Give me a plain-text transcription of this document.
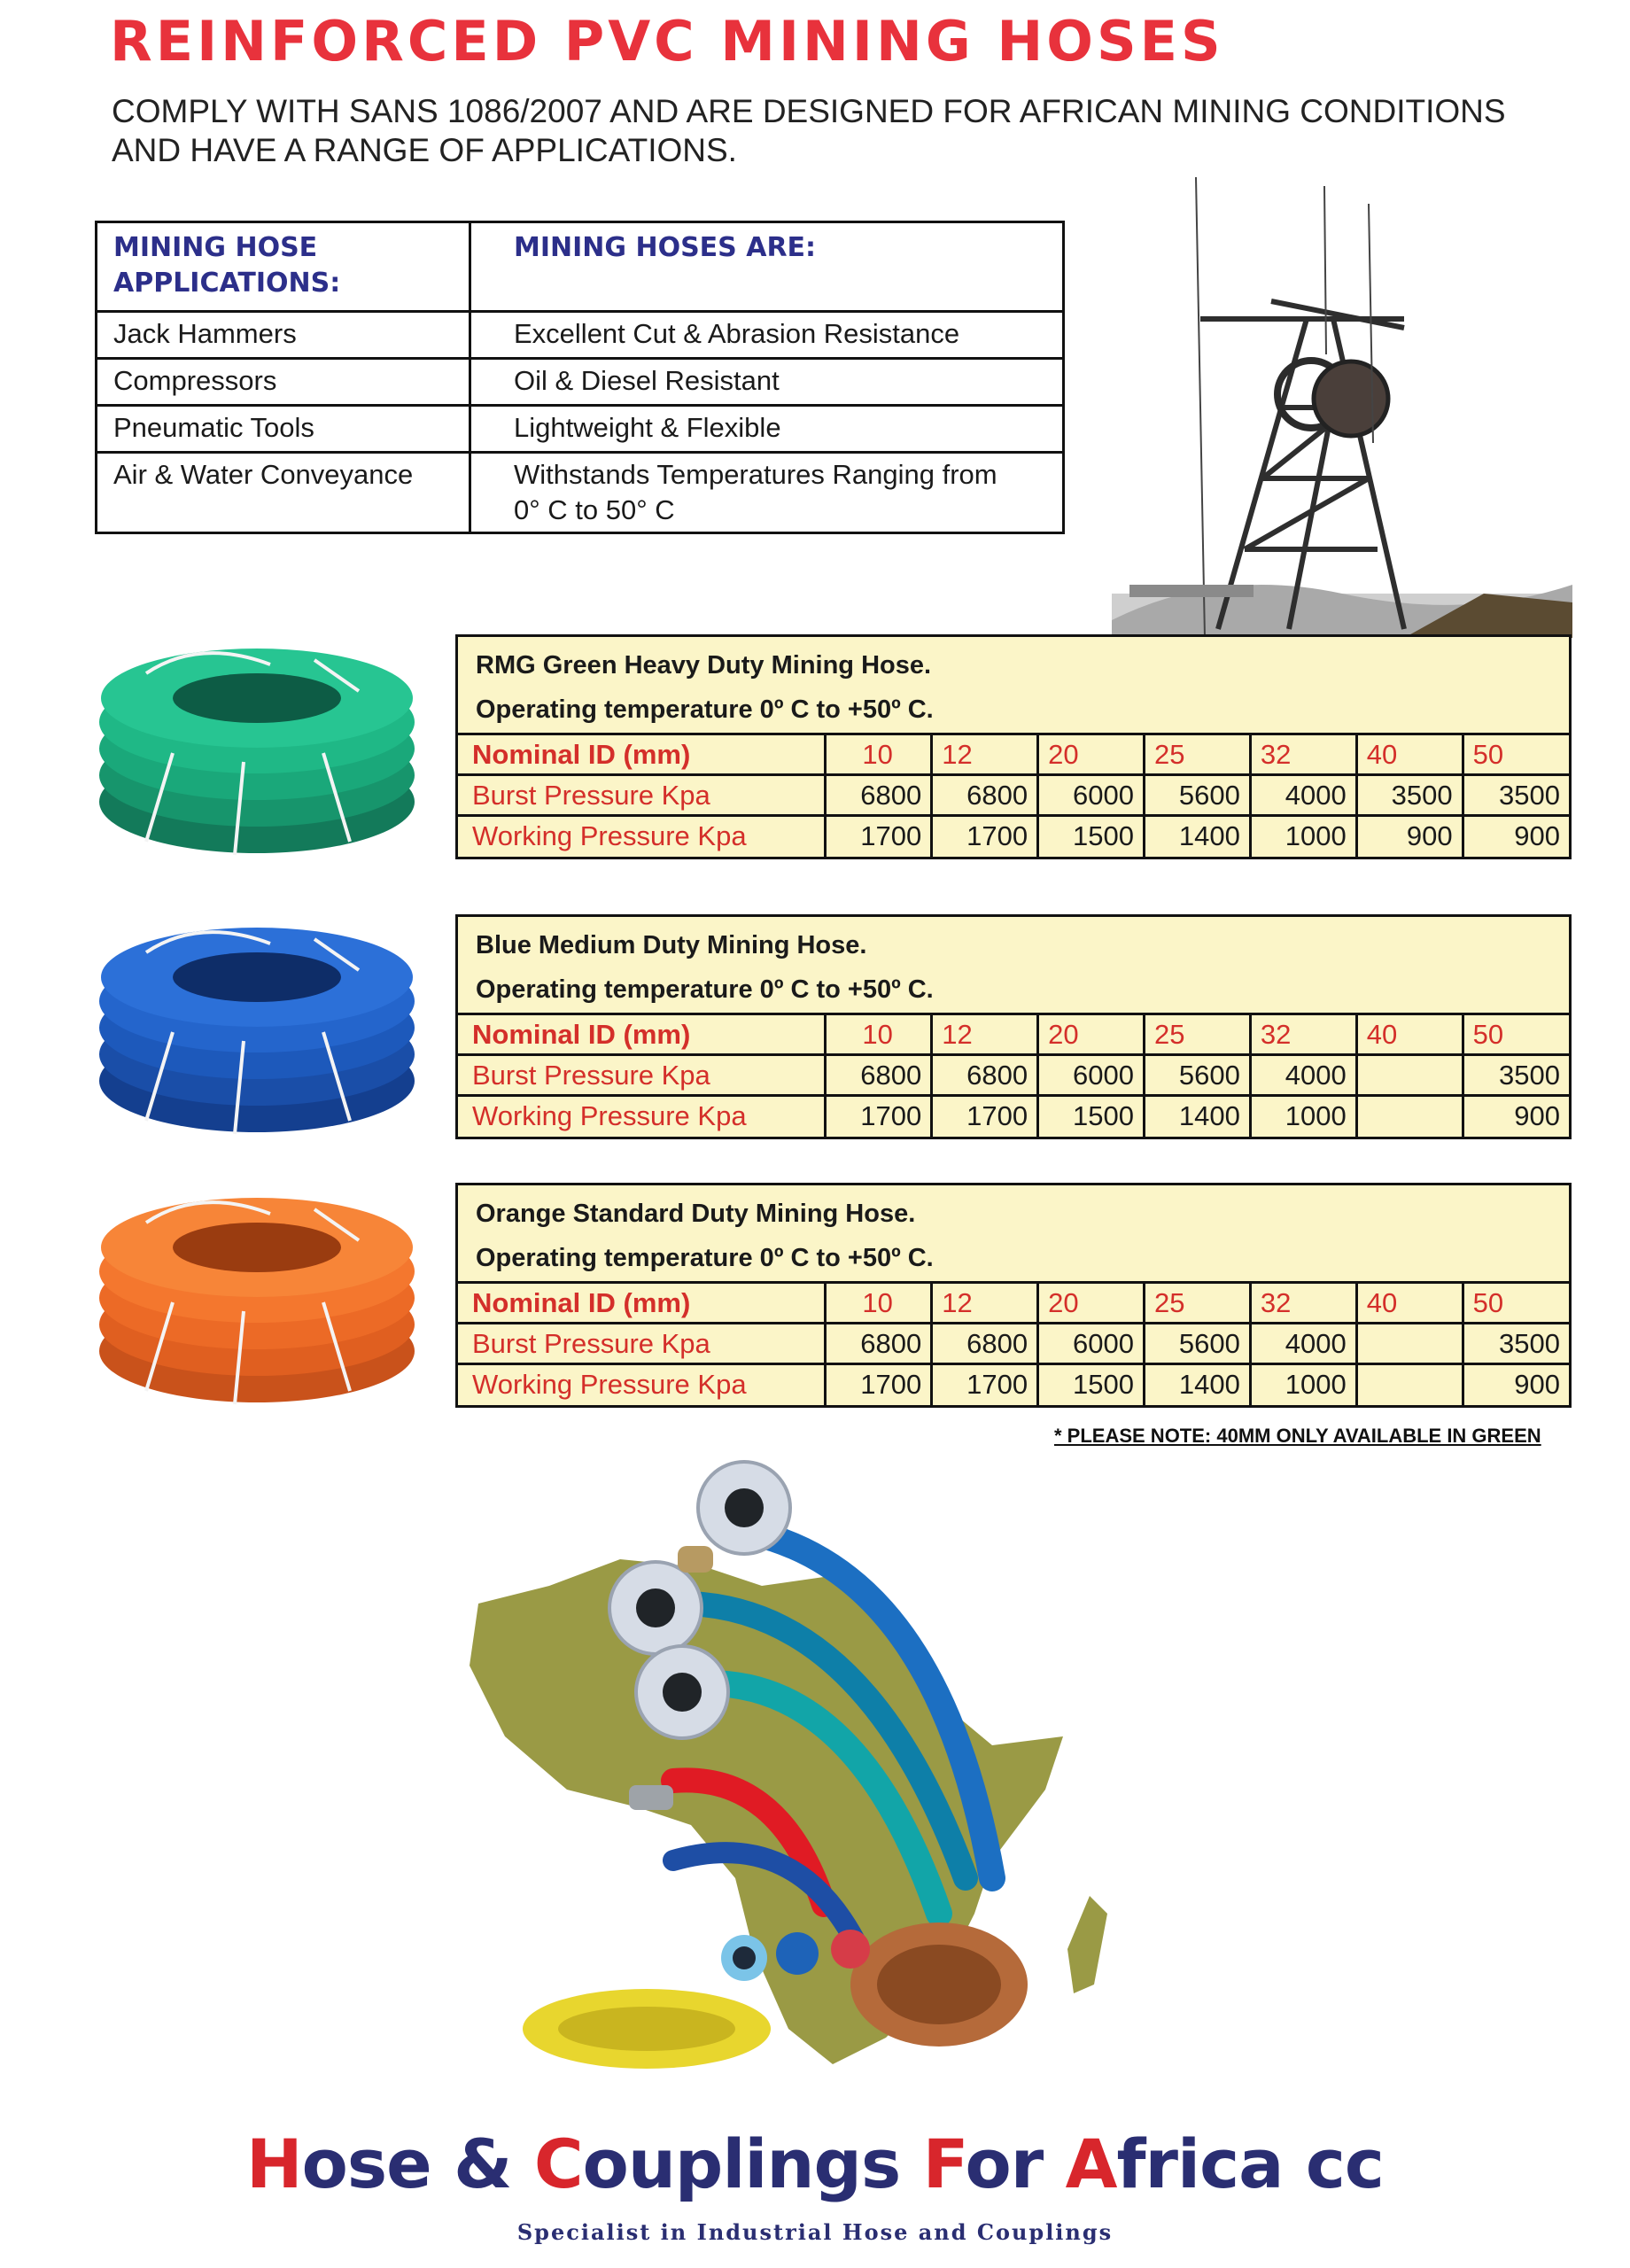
REINFORCED PVC MINING HOSES

COMPLY WITH SANS 1086/2007 AND ARE DESIGNED FOR AFRICAN MINING CONDITIONS AND HAVE A RANGE OF APPLICATIONS.

MINING HOSE APPLICATIONS:	MINING HOSES ARE:
Jack Hammers	Excellent Cut & Abrasion Resistance
Compressors	Oil & Diesel Resistant
Pneumatic Tools	Lightweight & Flexible
Air & Water Conveyance	Withstands Temperatures Ranging from 0° C to 50° C
RMG Green Heavy Duty Mining Hose.
Operating temperature 0º C to +50º C.
Nominal ID (mm)	10	12	20	25	32	40	50
Burst Pressure Kpa	6800	6800	6000	5600	4000	3500	3500
Working Pressure Kpa	1700	1700	1500	1400	1000	900	900
Blue Medium Duty Mining Hose.
Operating temperature 0º C to +50º C.
Nominal ID (mm)	10	12	20	25	32	40	50
Burst Pressure Kpa	6800	6800	6000	5600	4000		3500
Working Pressure Kpa	1700	1700	1500	1400	1000		900
Orange Standard Duty Mining Hose.
Operating temperature 0º C to +50º C.
Nominal ID (mm)	10	12	20	25	32	40	50
Burst Pressure Kpa	6800	6800	6000	5600	4000		3500
Working Pressure Kpa	1700	1700	1500	1400	1000		900
* PLEASE NOTE: 40MM ONLY AVAILABLE IN GREEN
Hose & Couplings For Africa cc
Specialist in Industrial Hose and Couplings
